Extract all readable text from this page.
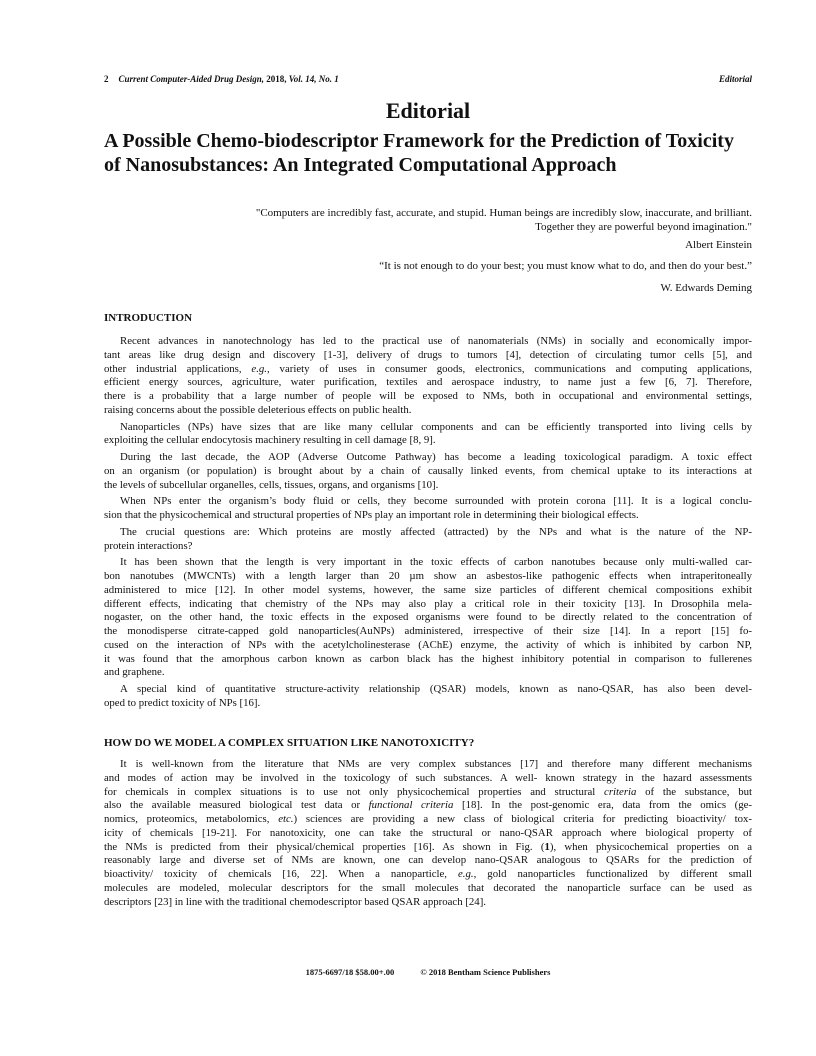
2 Current Computer-Aided Drug Design, 2018, Vol. 14, No. 1	Editorial
Editorial
A Possible Chemo-biodescriptor Framework for the Prediction of Toxicity
of Nanosubstances: An Integrated Computational Approach
"Computers are incredibly fast, accurate, and stupid. Human beings are incredibly slow, inaccurate, and brilliant.
Together they are powerful beyond imagination."
Albert Einstein
“It is not enough to do your best; you must know what to do, and then do your best.”
W. Edwards Deming
INTRODUCTION
Recent advances in nanotechnology has led to the practical use of nanomaterials (NMs) in socially and economically impor-
tant areas like drug design and discovery [1-3], delivery of drugs to tumors [4], detection of circulating tumor cells [5], and
other industrial applications, e.g., variety of uses in consumer goods, electronics, communications and computing applications,
efficient energy sources, agriculture, water purification, textiles and aerospace industry, to name just a few [6, 7]. Therefore,
there is a probability that a large number of people will be exposed to NMs, both in occupational and environmental settings,
raising concerns about the possible deleterious effects on public health.
Nanoparticles (NPs) have sizes that are like many cellular components and can be efficiently transported into living cells by
exploiting the cellular endocytosis machinery resulting in cell damage [8, 9].
During the last decade, the AOP (Adverse Outcome Pathway) has become a leading toxicological paradigm. A toxic effect
on an organism (or population) is brought about by a chain of causally linked events, from chemical uptake to its interactions at
the levels of subcellular organelles, cells, tissues, organs, and organisms [10].
When NPs enter the organism’s body fluid or cells, they become surrounded with protein corona [11]. It is a logical conclu-
sion that the physicochemical and structural properties of NPs play an important role in determining their biological effects.
The crucial questions are: Which proteins are mostly affected (attracted) by the NPs and what is the nature of the NP-
protein interactions?
It has been shown that the length is very important in the toxic effects of carbon nanotubes because only multi-walled car-
bon nanotubes (MWCNTs) with a length larger than 20 µm show an asbestos-like pathogenic effects when intraperitoneally
administered to mice [12]. In other model systems, however, the same size particles of different chemical compositions exhibit
different effects, indicating that chemistry of the NPs may also play a critical role in their toxicity [13]. In Drosophila mela-
nogaster, on the other hand, the toxic effects in the exposed organisms were found to be directly related to the concentration of
the monodisperse citrate-capped gold nanoparticles(AuNPs) administered, irrespective of their size [14]. In a report [15] fo-
cused on the interaction of NPs with the acetylcholinesterase (AChE) enzyme, the activity of which is inhibited by carbon NP,
it was found that the amorphous carbon known as carbon black has the highest inhibitory potential in comparison to fullerenes
and graphene.
A special kind of quantitative structure-activity relationship (QSAR) models, known as nano-QSAR, has also been devel-
oped to predict toxicity of NPs [16].
HOW DO WE MODEL A COMPLEX SITUATION LIKE NANOTOXICITY?
It is well-known from the literature that NMs are very complex substances [17] and therefore many different mechanisms
and modes of action may be involved in the toxicology of such substances. A well- known strategy in the hazard assessments
for chemicals in complex situations is to use not only physicochemical properties and structural criteria of the substance, but
also the available measured biological test data or functional criteria [18]. In the post-genomic era, data from the omics (ge-
nomics, proteomics, metabolomics, etc.) sciences are providing a new class of biological criteria for predicting bioactivity/ tox-
icity of chemicals [19-21]. For nanotoxicity, one can take the structural or nano-QSAR approach where biological property of
the NMs is predicted from their physical/chemical properties [16]. As shown in Fig. (1), when physicochemical properties on a
reasonably large and diverse set of NMs are known, one can develop nano-QSAR analogous to QSARs for the prediction of
bioactivity/ toxicity of chemicals [16, 22]. When a nanoparticle, e.g., gold nanoparticles functionalized by different small
molecules are modeled, molecular descriptors for the small molecules that decorated the nanoparticle surface can be used as
descriptors [23] in line with the traditional chemodescriptor based QSAR approach [24].
1875-6697/18 $58.00+.00	© 2018 Bentham Science Publishers
